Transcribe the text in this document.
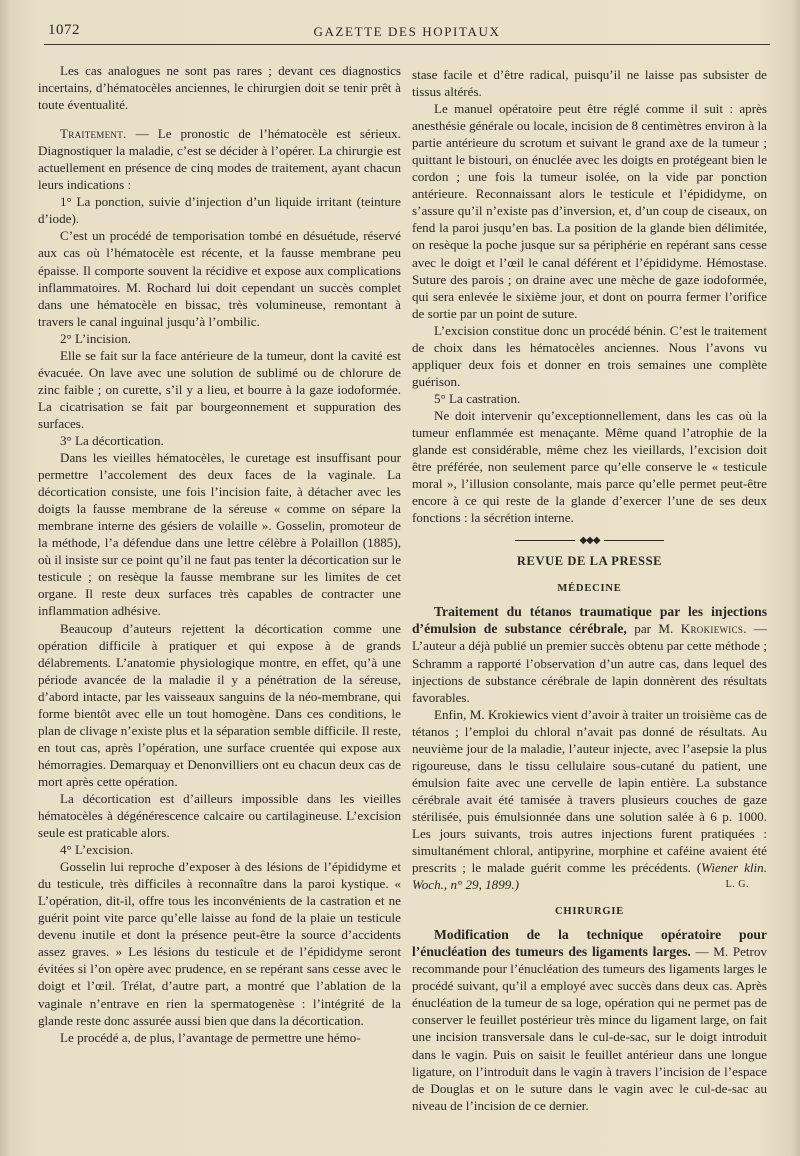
1072	GAZETTE DES HOPITAUX

Les cas analogues ne sont pas rares ; devant ces diagnostics incertains, d’hématocèles anciennes, le chirurgien doit se tenir prêt à toute éventualité.

Traitement. — Le pronostic de l’hématocèle est sérieux. Diagnostiquer la maladie, c’est se décider à l’opérer. La chirurgie est actuellement en présence de cinq modes de traitement, ayant chacun leurs indications :

1° La ponction, suivie d’injection d’un liquide irritant (teinture d’iode).

C’est un procédé de temporisation tombé en désuétude, réservé aux cas où l’hématocèle est récente, et la fausse membrane peu épaisse. Il comporte souvent la récidive et expose aux complications inflammatoires. M. Rochard lui doit cependant un succès complet dans une hématocèle en bissac, très volumineuse, remontant à travers le canal inguinal jusqu’à l’ombilic.

2° L’incision.

Elle se fait sur la face antérieure de la tumeur, dont la cavité est évacuée. On lave avec une solution de sublimé ou de chlorure de zinc faible ; on curette, s’il y a lieu, et bourre à la gaze iodoformée. La cicatrisation se fait par bourgeonnement et suppuration des surfaces.

3° La décortication.

Dans les vieilles hématocèles, le curetage est insuffisant pour permettre l’accolement des deux faces de la vaginale. La décortication consiste, une fois l’incision faite, à détacher avec les doigts la fausse membrane de la séreuse « comme on sépare la membrane interne des gésiers de volaille ». Gosselin, promoteur de la méthode, l’a défendue dans une lettre célèbre à Polaillon (1885), où il insiste sur ce point qu’il ne faut pas tenter la décortication sur le testicule ; on resèque la fausse membrane sur les limites de cet organe. Il reste deux surfaces très capables de contracter une inflammation adhésive.

Beaucoup d’auteurs rejettent la décortication comme une opération difficile à pratiquer et qui expose à de grands délabrements. L’anatomie physiologique montre, en effet, qu’à une période avancée de la maladie il y a pénétration de la séreuse, d’abord intacte, par les vaisseaux sanguins de la néo-membrane, qui forme bientôt avec elle un tout homogène. Dans ces conditions, le plan de clivage n’existe plus et la séparation semble difficile. Il reste, en tout cas, après l’opération, une surface cruentée qui expose aux hémorragies. Demarquay et Denonvilliers ont eu chacun deux cas de mort après cette opération.

La décortication est d’ailleurs impossible dans les vieilles hématocèles à dégénérescence calcaire ou cartilagineuse. L’excision seule est praticable alors.

4° L’excision.

Gosselin lui reproche d’exposer à des lésions de l’épididyme et du testicule, très difficiles à reconnaître dans la paroi kystique. « L’opération, dit-il, offre tous les inconvénients de la castration et ne guérit point vite parce qu’elle laisse au fond de la plaie un testicule devenu inutile et dont la présence peut-être la source d’accidents assez graves. » Les lésions du testicule et de l’épididyme seront évitées si l’on opère avec prudence, en se repérant sans cesse avec le doigt et l’œil. Trélat, d’autre part, a montré que l’ablation de la vaginale n’entrave en rien la spermatogenèse : l’intégrité de la glande reste donc assurée aussi bien que dans la décortication.

Le procédé a, de plus, l’avantage de permettre une hémo-

stase facile et d’être radical, puisqu’il ne laisse pas subsister de tissus altérés.

Le manuel opératoire peut être réglé comme il suit : après anesthésie générale ou locale, incision de 8 centimètres environ à la partie antérieure du scrotum et suivant le grand axe de la tumeur ; quittant le bistouri, on énucléе avec les doigts en protégeant bien le cordon ; une fois la tumeur isolée, on la vide par ponction antérieure. Reconnaissant alors le testicule et l’épididyme, on s’assure qu’il n’existe pas d’inversion, et, d’un coup de ciseaux, on fend la paroi jusqu’en bas. La position de la glande bien délimitée, on resèque la poche jusque sur sa périphérie en repérant sans cesse avec le doigt et l’œil le canal déférent et l’épididyme. Hémostase. Suture des parois ; on draine avec une mèche de gaze iodoformée, qui sera enlevée le sixième jour, et dont on pourra fermer l’orifice de sortie par un point de suture.

L’excision constitue donc un procédé bénin. C’est le traitement de choix dans les hématocèles anciennes. Nous l’avons vu appliquer deux fois et donner en trois semaines une complète guérison.

5° La castration.

Ne doit intervenir qu’exceptionnellement, dans les cas où la tumeur enflammée est menaçante. Même quand l’atrophie de la glande est considérable, même chez les vieillards, l’excision doit être préférée, non seulement parce qu’elle conserve le « testicule moral », l’illusion consolante, mais parce qu’elle permet peut-être encore à ce qui reste de la glande d’exercer l’une de ses deux fonctions : la sécrétion interne.

◆◆◆
REVUE DE LA PRESSE
MÉDECINE

Traitement du tétanos traumatique par les injections d’émulsion de substance cérébrale, par M. Krokiewics. — L’auteur a déjà publié un premier succès obtenu par cette méthode ; Schramm a rapporté l’observation d’un autre cas, dans lequel des injections de substance cérébrale de lapin donnèrent des résultats favorables.

Enfin, M. Krokiewics vient d’avoir à traiter un troisième cas de tétanos ; l’emploi du chloral n’avait pas donné de résultats. Au neuvième jour de la maladie, l’auteur injecte, avec l’asepsie la plus rigoureuse, dans le tissu cellulaire sous-cutané du patient, une émulsion faite avec une cervelle de lapin entière. La substance cérébrale avait été tamisée à travers plusieurs couches de gaze stérilisée, puis émulsionnée dans une solution salée à 6 p. 1000. Les jours suivants, trois autres injections furent pratiquées : simultanément chloral, antipyrine, morphine et caféine avaient été prescrits ; le malade guérit comme les précédents. (Wiener klin. Woch., n° 29, 1899.)	L. G.

CHIRURGIE

Modification de la technique opératoire pour l’énucléation des tumeurs des ligaments larges. — M. Petrov recommande pour l’énucléation des tumeurs des ligaments larges le procédé suivant, qu’il a employé avec succès dans deux cas. Après énucléation de la tumeur de sa loge, opération qui ne permet pas de conserver le feuillet postérieur très mince du ligament large, on fait une incision transversale dans le cul-de-sac, sur le doigt introduit dans le vagin. Puis on saisit le feuillet antérieur dans une longue ligature, on l’introduit dans le vagin à travers l’incision de l’espace de Douglas et on le suture dans le vagin avec le cul-de-sac au niveau de l’incision de ce dernier.
